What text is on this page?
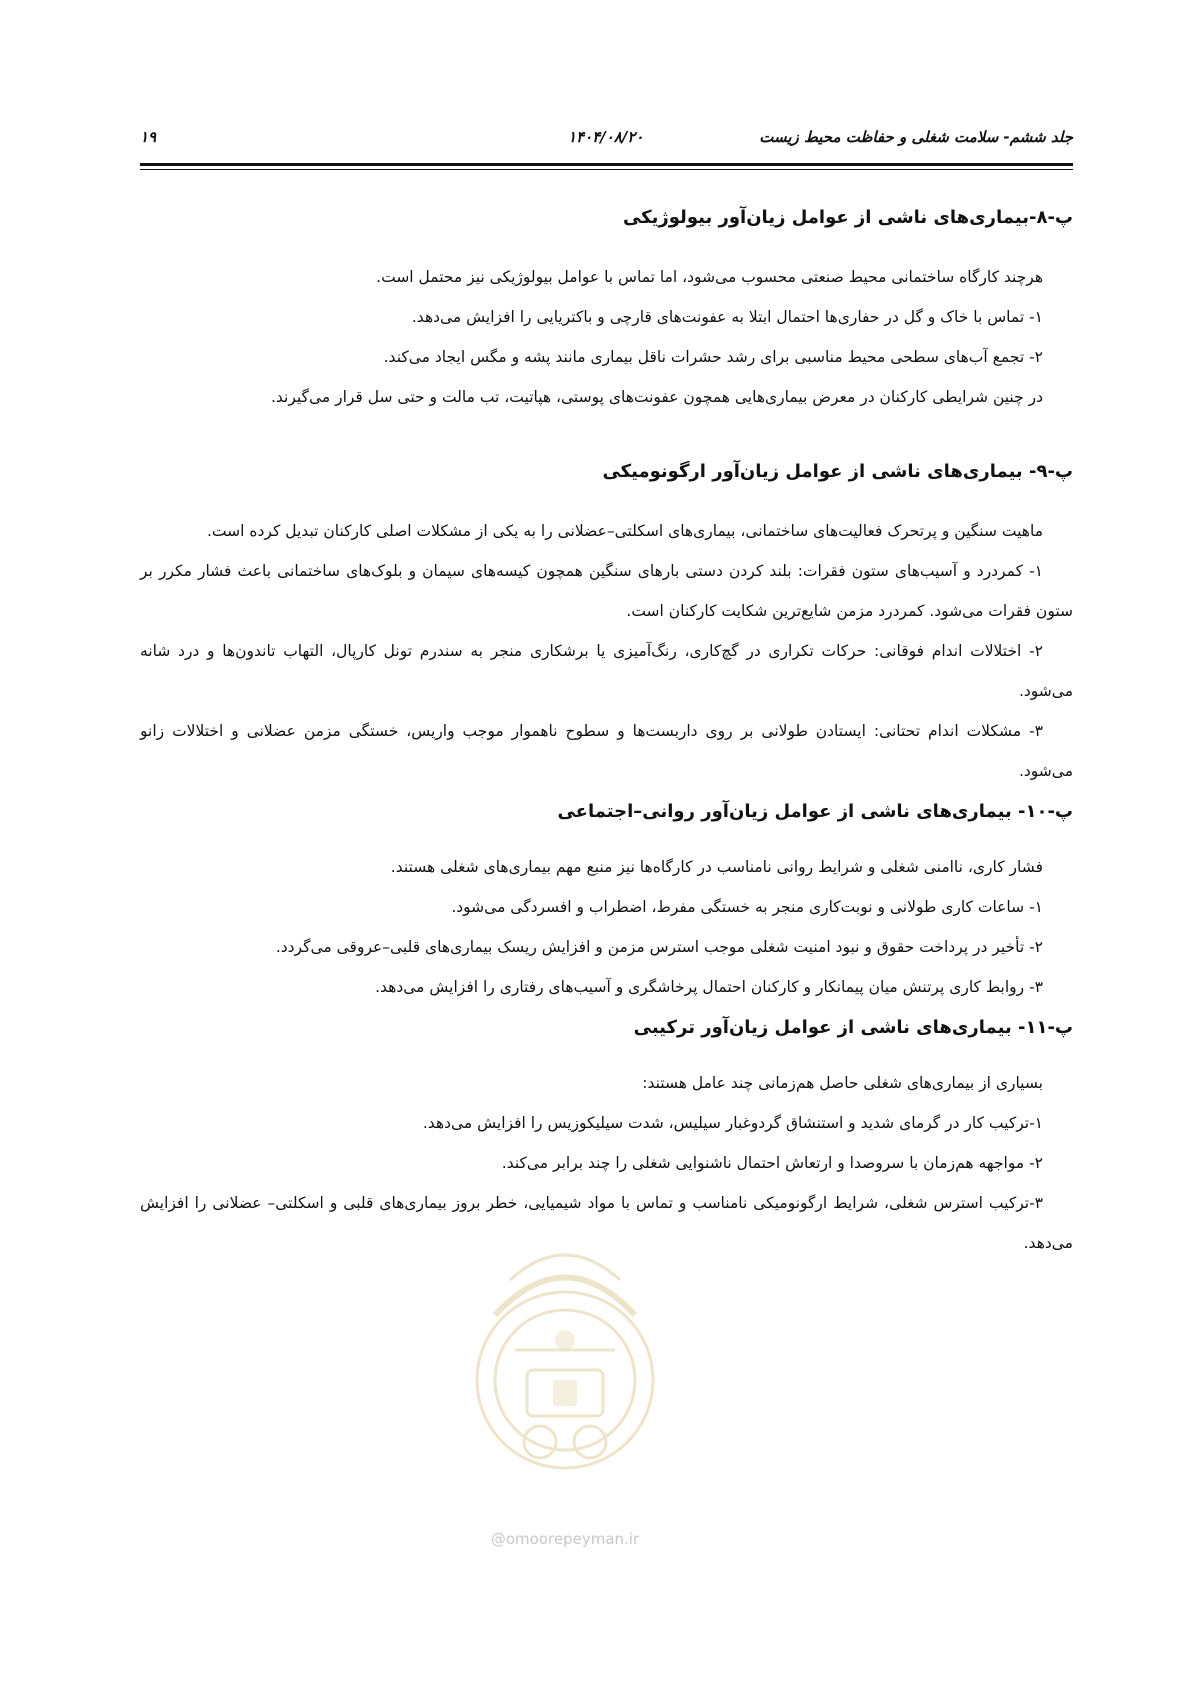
جلد ششم- سلامت شغلی و حفاظت محیط زیست
۱۴۰۴/۰۸/۲۰
۱۹
پ-۸-بیماری‌های ناشی از عوامل زیان‌آور بیولوژیکی

هرچند کارگاه ساختمانی محیط صنعتی محسوب می‌شود، اما تماس با عوامل بیولوژیکی نیز محتمل است.

۱- تماس با خاک و گل در حفاری‌ها احتمال ابتلا به عفونت‌های قارچی و باکتریایی را افزایش می‌دهد.

۲- تجمع آب‌های سطحی محیط مناسبی برای رشد حشرات ناقل بیماری مانند پشه و مگس ایجاد می‌کند.

در چنین شرایطی کارکنان در معرض بیماری‌هایی همچون عفونت‌های پوستی، هپاتیت، تب مالت و حتی سل قرار می‌گیرند.

پ-۹- بیماری‌های ناشی از عوامل زیان‌آور ارگونومیکی

ماهیت سنگین و پرتحرک فعالیت‌های ساختمانی، بیماری‌های اسکلتی–عضلانی را به یکی از مشکلات اصلی کارکنان تبدیل کرده است.

۱- کمردرد و آسیب‌های ستون فقرات: بلند کردن دستی بارهای سنگین همچون کیسه‌های سیمان و بلوک‌های ساختمانی باعث فشار مکرر بر ستون فقرات می‌شود. کمردرد مزمن شایع‌ترین شکایت کارکنان است.

۲- اختلالات اندام فوقانی: حرکات تکراری در گچ‌کاری، رنگ‌آمیزی یا برشکاری منجر به سندرم تونل کارپال، التهاب تاندون‌ها و درد شانه می‌شود.

۳- مشکلات اندام تحتانی: ایستادن طولانی بر روی داربست‌ها و سطوح ناهموار موجب واریس، خستگی مزمن عضلانی و اختلالات زانو می‌شود.

پ-۱۰- بیماری‌های ناشی از عوامل زیان‌آور روانی–اجتماعی

فشار کاری، ناامنی شغلی و شرایط روانی نامناسب در کارگاه‌ها نیز منبع مهم بیماری‌های شغلی هستند.

۱- ساعات کاری طولانی و نوبت‌کاری منجر به خستگی مفرط، اضطراب و افسردگی می‌شود.

۲- تأخیر در پرداخت حقوق و نبود امنیت شغلی موجب استرس مزمن و افزایش ریسک بیماری‌های قلبی–عروقی می‌گردد.

۳- روابط کاری پرتنش میان پیمانکار و کارکنان احتمال پرخاشگری و آسیب‌های رفتاری را افزایش می‌دهد.

پ-۱۱- بیماری‌های ناشی از عوامل زیان‌آور ترکیبی

بسیاری از بیماری‌های شغلی حاصل هم‌زمانی چند عامل هستند:

۱-ترکیب کار در گرمای شدید و استنشاق گردوغبار سیلیس، شدت سیلیکوزیس را افزایش می‌دهد.

۲- مواجهه هم‌زمان با سروصدا و ارتعاش احتمال ناشنوایی شغلی را چند برابر می‌کند.

۳-ترکیب استرس شغلی، شرایط ارگونومیکی نامناسب و تماس با مواد شیمیایی، خطر بروز بیماری‌های قلبی و اسکلتی– عضلانی را افزایش می‌دهد.

@omoorepeyman.ir
